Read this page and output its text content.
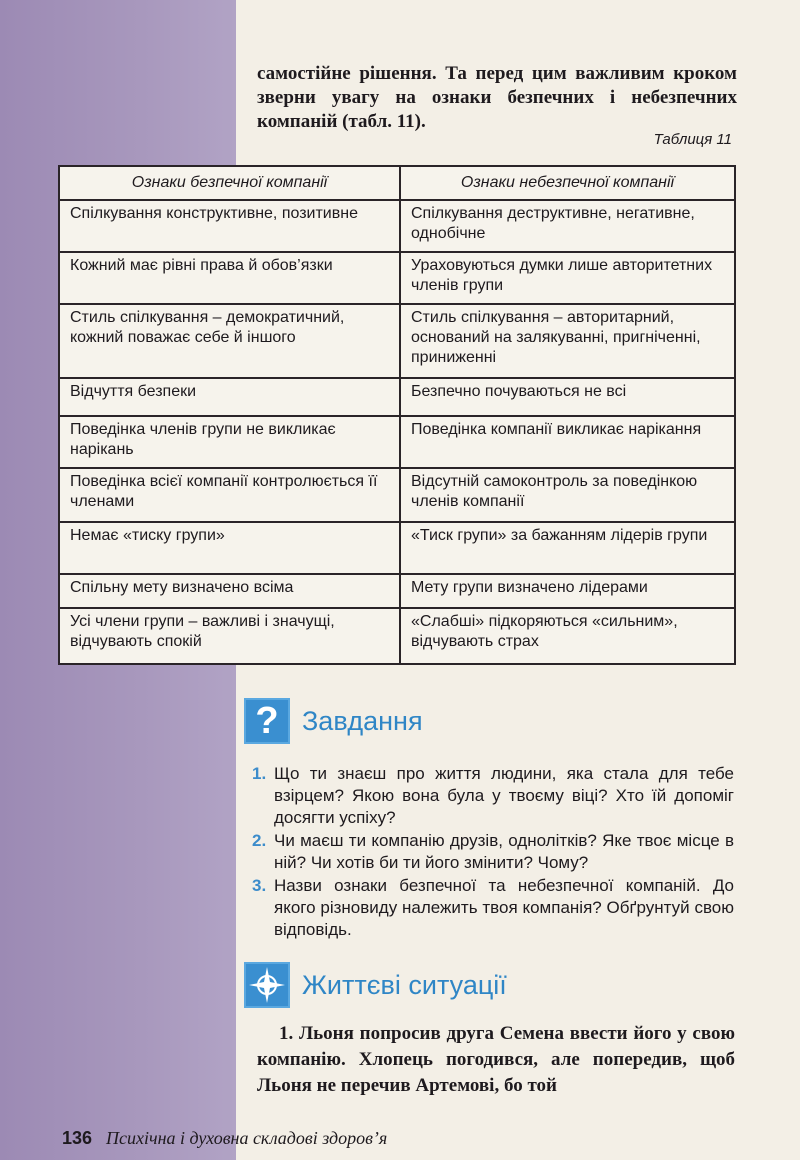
самостійне рішення. Та перед цим важливим кроком зверни увагу на ознаки безпечних і небезпечних компаній (табл. 11).

Таблиця 11
Ознаки безпечної компанії	Ознаки небезпечної компанії
Спілкування конструктивне, позитивне	Спілкування деструктивне, негативне, однобічне
Кожний має рівні права й обов’язки	Ураховуються думки лише авторитетних членів групи
Стиль спілкування – демократичний, кожний поважає себе й іншого	Стиль спілкування – авторитарний, оснований на залякуванні, пригніченні, приниженні
Відчуття безпеки	Безпечно почуваються не всі
Поведінка членів групи не викликає нарікань	Поведінка компанії викликає нарікання
Поведінка всієї компанії контролюється її членами	Відсутній самоконтроль за поведінкою членів компанії
Немає «тиску групи»	«Тиск групи» за бажанням лідерів групи
Спільну мету визначено всіма	Мету групи визначено лідерами
Усі члени групи – важливі і значущі, відчувають спокій	«Слабші» підкоряються «сильним», відчувають страх
? Завдання
1. Що ти знаєш про життя людини, яка стала для тебе взірцем? Якою вона була у твоєму віці? Хто їй допоміг досягти успіху?
2. Чи маєш ти компанію друзів, однолітків? Яке твоє місце в ній? Чи хотів би ти його змінити? Чому?
3. Назви ознаки безпечної та небезпечної компаній. До якого різновиду належить твоя компанія? Обґрунтуй свою відповідь.
Життєві ситуації

1. Льоня попросив друга Семена ввести його у свою компанію. Хлопець погодився, але попередив, щоб Льоня не перечив Артемові, бо той

136 Психічна і духовна складові здоров’я
